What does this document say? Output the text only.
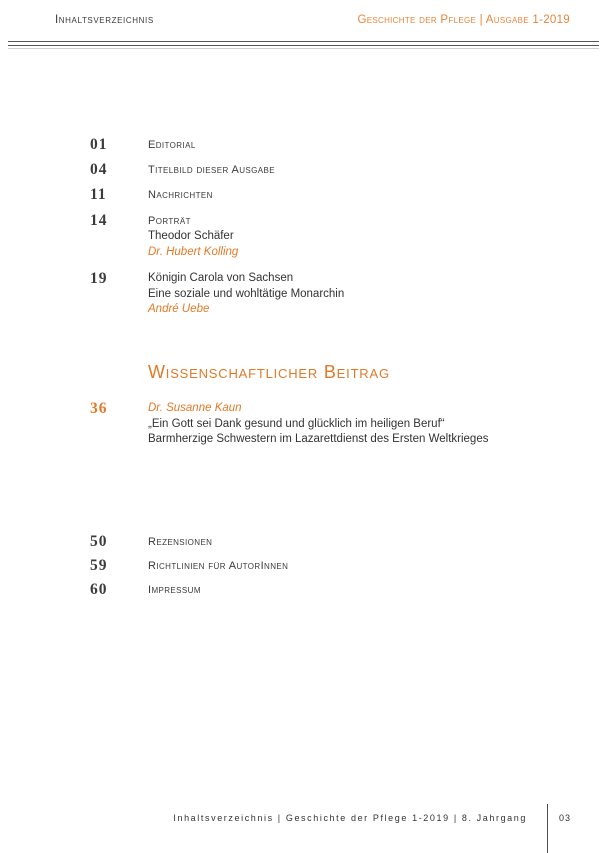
Inhaltsverzeichnis	Geschichte der Pflege | Ausgabe 1-2019
01	Editorial
04	Titelbild dieser Ausgabe
11	Nachrichten
14	Porträt
Theodor Schäfer
Dr. Hubert Kolling
19	Königin Carola von Sachsen
Eine soziale und wohltätige Monarchin
André Uebe
Wissenschaftlicher Beitrag
36	Dr. Susanne Kaun
„Ein Gott sei Dank gesund und glücklich im heiligen Beruf“
Barmherzige Schwestern im Lazarettdienst des Ersten Weltkrieges
50	Rezensionen
59	Richtlinien für AutorInnen
60	Impressum
Inhaltsverzeichnis | Geschichte der Pflege 1-2019 | 8. Jahrgang	03
